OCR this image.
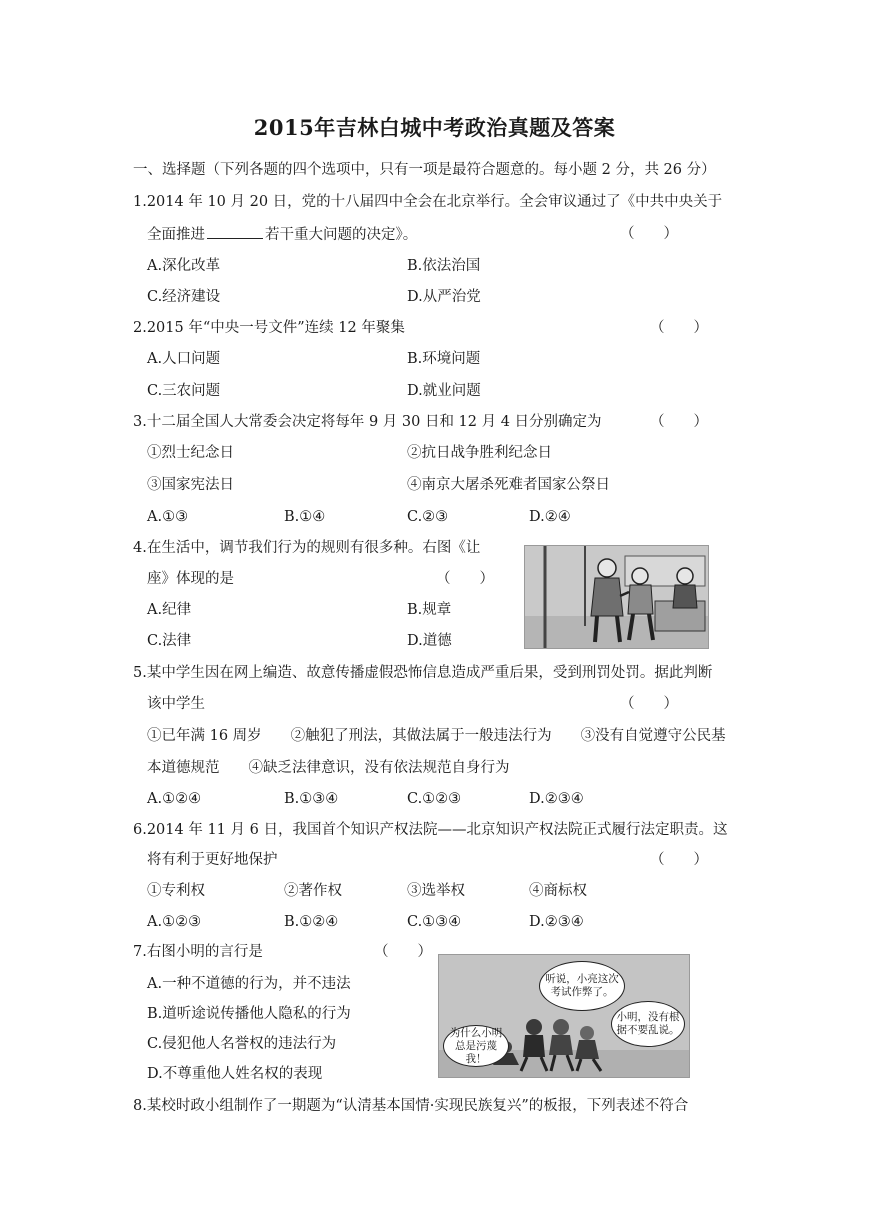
2015年吉林白城中考政治真题及答案
一、选择题（下列各题的四个选项中，只有一项是最符合题意的。每小题 2 分，共 26 分）
1.2014 年 10 月 20 日，党的十八届四中全会在北京举行。全会审议通过了《中共中央关于
全面推进	若干重大问题的决定》。	（　　）
A.深化改革	B.依法治国
C.经济建设	D.从严治党
2.2015 年“中央一号文件”连续 12 年聚集	（　　）
A.人口问题	B.环境问题
C.三农问题	D.就业问题
3.十二届全国人大常委会决定将每年 9 月 30 日和 12 月 4 日分别确定为	（　　）
①烈士纪念日	②抗日战争胜利纪念日
③国家宪法日	④南京大屠杀死难者国家公祭日
A.①③	B.①④	C.②③	D.②④
4.在生活中，调节我们行为的规则有很多种。右图《让
座》体现的是	（　　）
A.纪律	B.规章
C.法律	D.道德
5.某中学生因在网上编造、故意传播虚假恐怖信息造成严重后果，受到刑罚处罚。据此判断
该中学生	（　　）
①已年满 16 周岁　　②触犯了刑法，其做法属于一般违法行为　　③没有自觉遵守公民基
本道德规范　　④缺乏法律意识，没有依法规范自身行为
A.①②④	B.①③④	C.①②③	D.②③④
6.2014 年 11 月 6 日，我国首个知识产权法院——北京知识产权法院正式履行法定职责。这
将有利于更好地保护	（　　）
①专利权	②著作权	③选举权	④商标权
A.①②③	B.①②④	C.①③④	D.②③④
7.右图小明的言行是	（　　）
A.一种不道德的行为，并不违法
B.道听途说传播他人隐私的行为
C.侵犯他人名誉权的违法行为
D.不尊重他人姓名权的表现
听说，小亮这次考试作弊了。
小明，没有根据不要乱说。
为什么小明总是污蔑我！
8.某校时政小组制作了一期题为“认清基本国情·实现民族复兴”的板报，下列表述不符合
